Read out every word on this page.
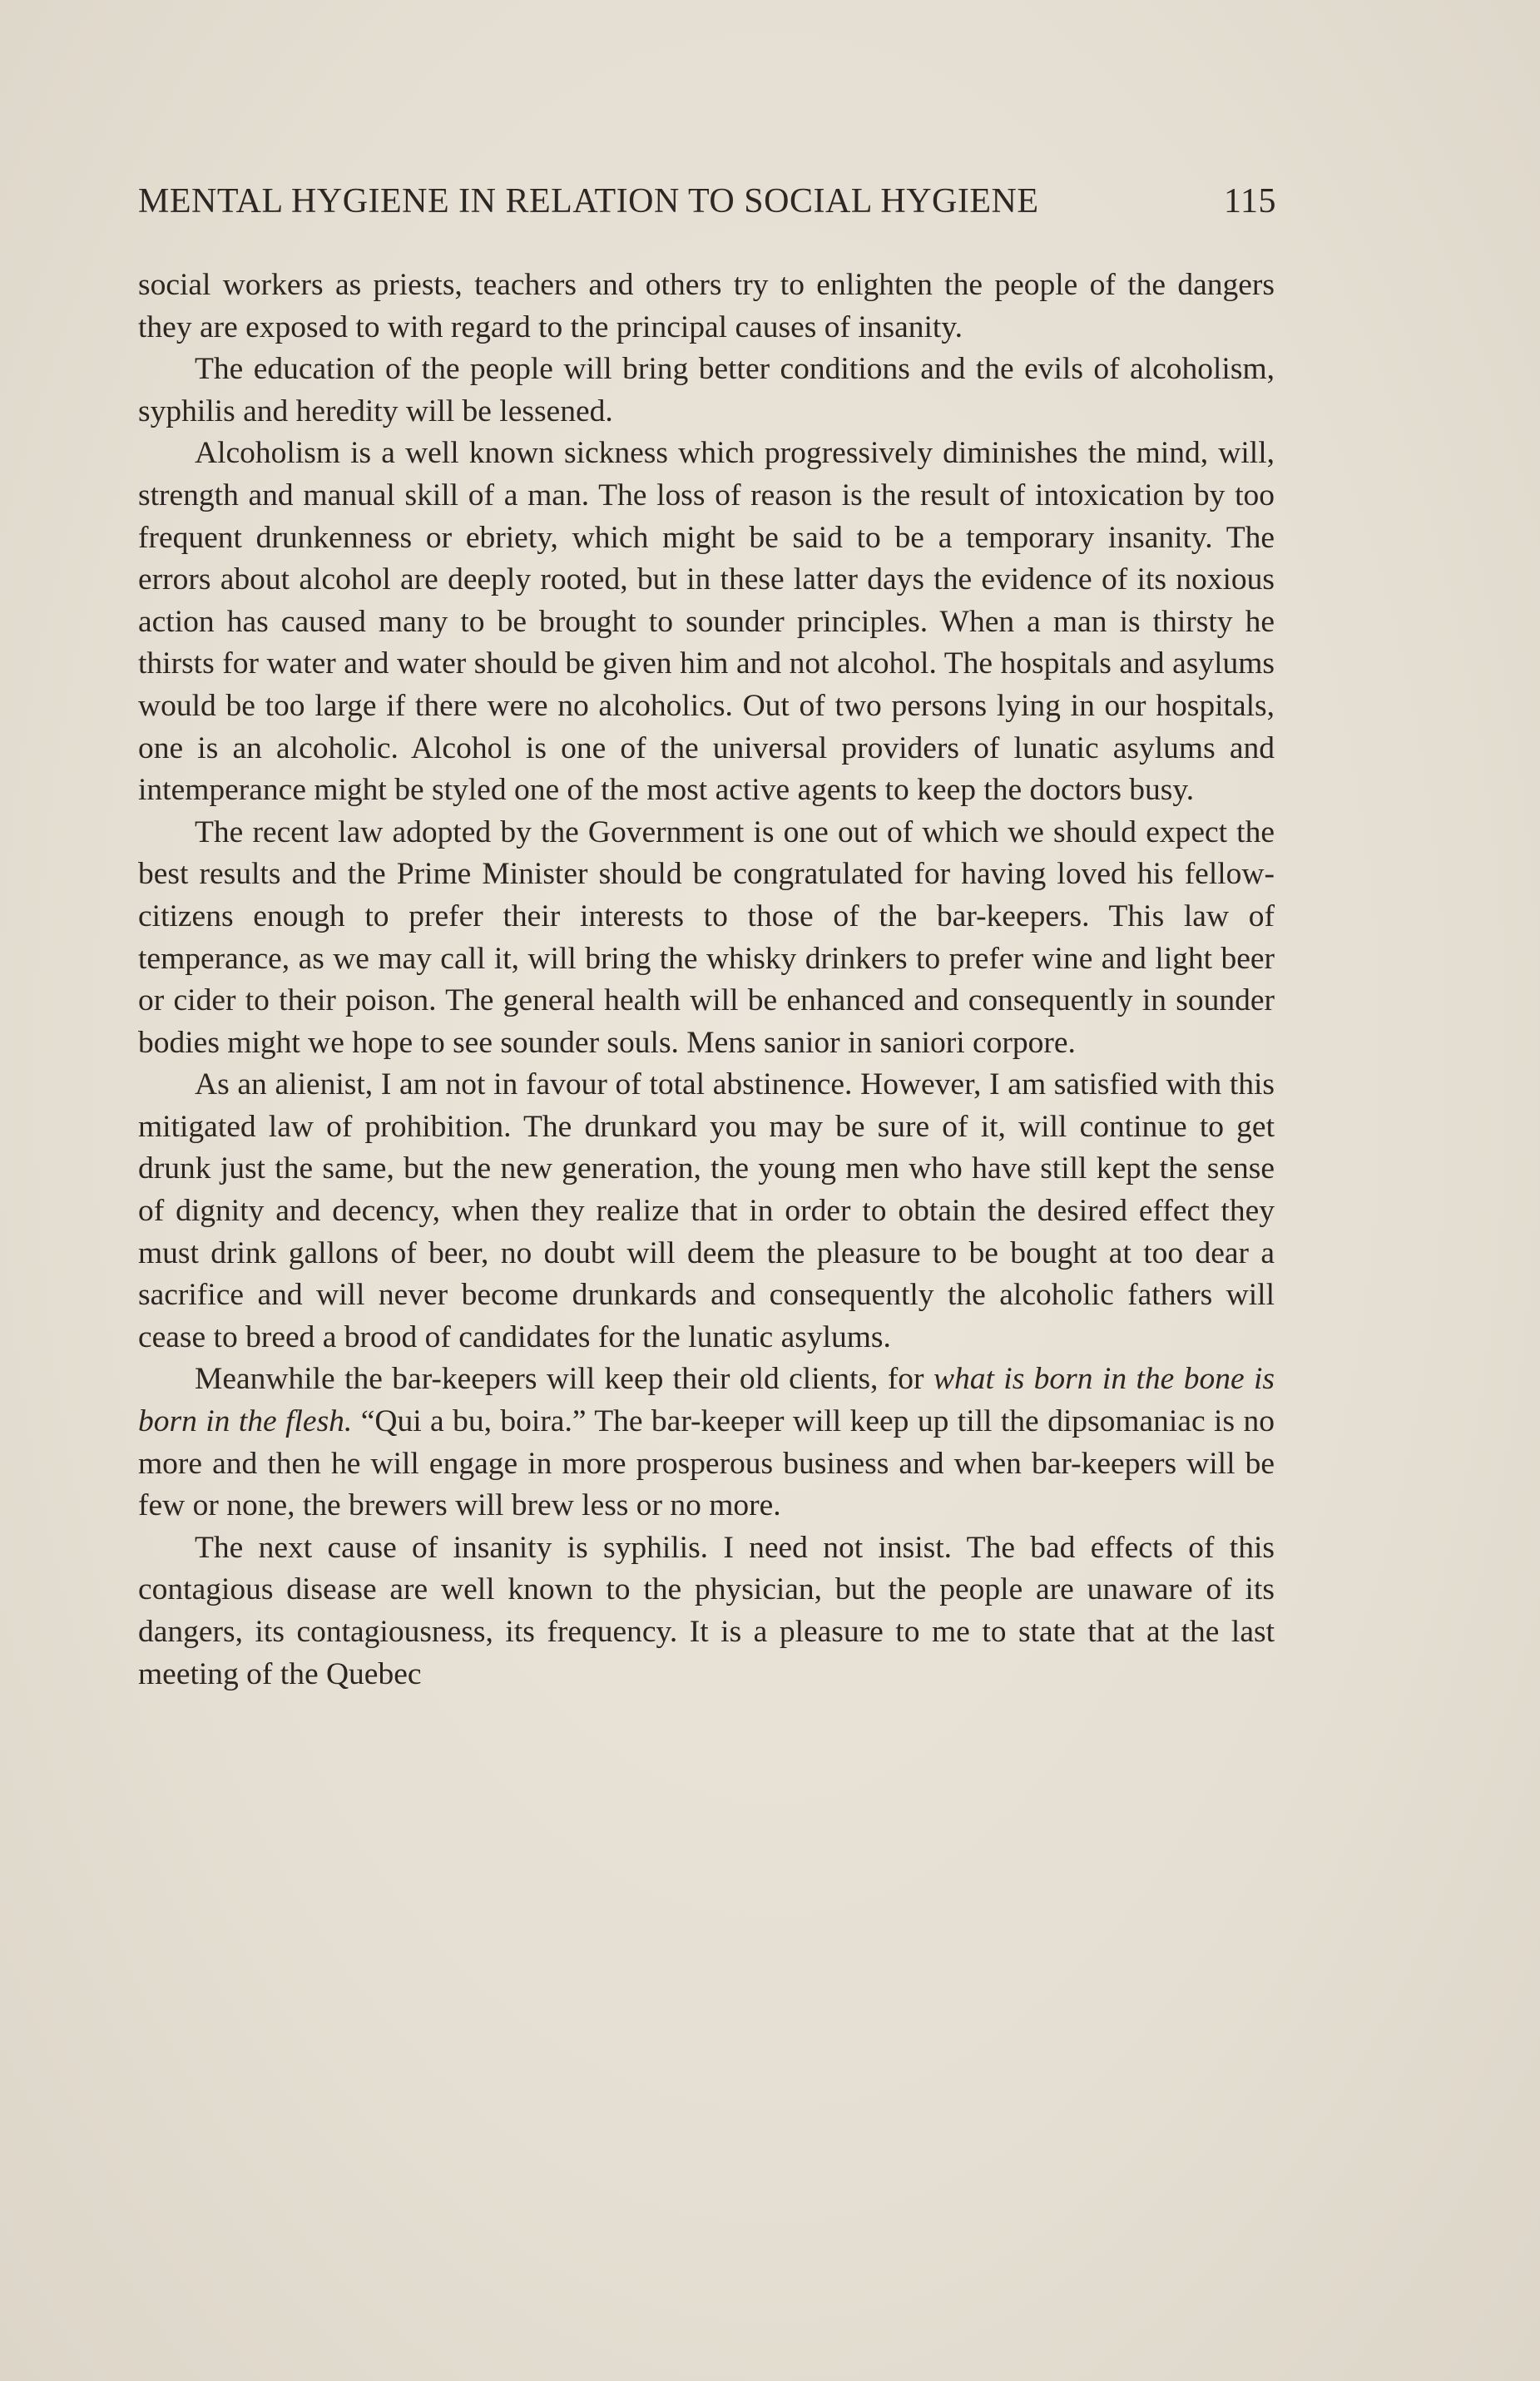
MENTAL HYGIENE IN RELATION TO SOCIAL HYGIENE	115

social workers as priests, teachers and others try to enlighten the people of the dangers they are exposed to with regard to the principal causes of insanity.

The education of the people will bring better conditions and the evils of alcoholism, syphilis and heredity will be lessened.

Alcoholism is a well known sickness which progressively diminishes the mind, will, strength and manual skill of a man. The loss of reason is the result of intoxication by too frequent drunkenness or ebriety, which might be said to be a temporary insanity. The errors about alcohol are deeply rooted, but in these latter days the evidence of its noxious action has caused many to be brought to sounder principles. When a man is thirsty he thirsts for water and water should be given him and not alcohol. The hospitals and asylums would be too large if there were no alcoholics. Out of two persons lying in our hospitals, one is an alcoholic. Alcohol is one of the universal providers of lunatic asylums and intemperance might be styled one of the most active agents to keep the doctors busy.

The recent law adopted by the Government is one out of which we should expect the best results and the Prime Minister should be congratulated for having loved his fellow-citizens enough to prefer their interests to those of the bar-keepers. This law of temperance, as we may call it, will bring the whisky drinkers to prefer wine and light beer or cider to their poison. The general health will be enhanced and consequently in sounder bodies might we hope to see sounder souls. Mens sanior in saniori corpore.

As an alienist, I am not in favour of total abstinence. However, I am satisfied with this mitigated law of prohibition. The drunkard you may be sure of it, will continue to get drunk just the same, but the new generation, the young men who have still kept the sense of dignity and decency, when they realize that in order to obtain the desired effect they must drink gallons of beer, no doubt will deem the pleasure to be bought at too dear a sacrifice and will never become drunkards and consequently the alcoholic fathers will cease to breed a brood of candidates for the lunatic asylums.

Meanwhile the bar-keepers will keep their old clients, for what is born in the bone is born in the flesh. “Qui a bu, boira.” The bar-keeper will keep up till the dipsomaniac is no more and then he will engage in more prosperous business and when bar-keepers will be few or none, the brewers will brew less or no more.

The next cause of insanity is syphilis. I need not insist. The bad effects of this contagious disease are well known to the physician, but the people are unaware of its dangers, its contagiousness, its frequency. It is a pleasure to me to state that at the last meeting of the Quebec
